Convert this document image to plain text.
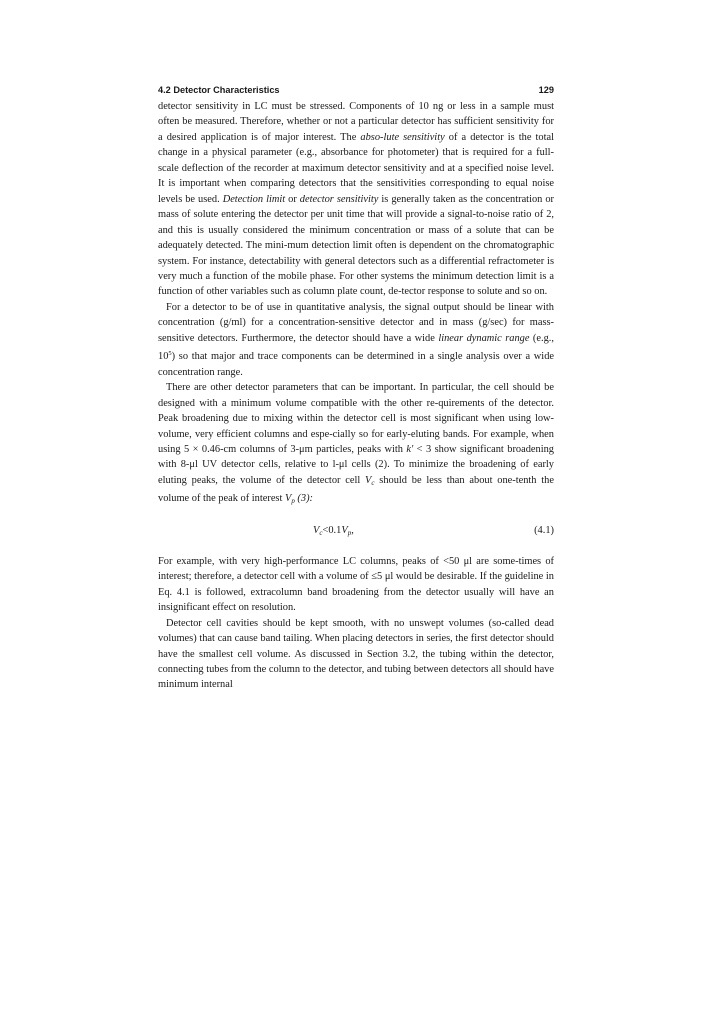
4.2 Detector Characteristics	129

detector sensitivity in LC must be stressed. Components of 10 ng or less in a sample must often be measured. Therefore, whether or not a particular detector has sufficient sensitivity for a desired application is of major interest. The abso-lute sensitivity of a detector is the total change in a physical parameter (e.g., absorbance for photometer) that is required for a full-scale deflection of the recorder at maximum detector sensitivity and at a specified noise level. It is important when comparing detectors that the sensitivities corresponding to equal noise levels be used. Detection limit or detector sensitivity is generally taken as the concentration or mass of solute entering the detector per unit time that will provide a signal-to-noise ratio of 2, and this is usually considered the minimum concentration or mass of a solute that can be adequately detected. The mini-mum detection limit often is dependent on the chromatographic system. For instance, detectability with general detectors such as a differential refractometer is very much a function of the mobile phase. For other systems the minimum detection limit is a function of other variables such as column plate count, de-tector response to solute and so on.

For a detector to be of use in quantitative analysis, the signal output should be linear with concentration (g/ml) for a concentration-sensitive detector and in mass (g/sec) for mass-sensitive detectors. Furthermore, the detector should have a wide linear dynamic range (e.g., $10^5$) so that major and trace components can be determined in a single analysis over a wide concentration range.

There are other detector parameters that can be important. In particular, the cell should be designed with a minimum volume compatible with the other re-quirements of the detector. Peak broadening due to mixing within the detector cell is most significant when using low-volume, very efficient columns and espe-cially so for early-eluting bands. For example, when using 5 × 0.46-cm columns of 3-μm particles, peaks with k' < 3 show significant broadening with 8-μl UV detector cells, relative to l-μl cells (2). To minimize the broadening of early eluting peaks, the volume of the detector cell Vc should be less than about one-tenth the volume of the peak of interest Vp (3):

$V_c<0.1V_p$,	(4.1)

For example, with very high-performance LC columns, peaks of <50 μl are some-times of interest; therefore, a detector cell with a volume of ≤5 μl would be desirable. If the guideline in Eq. 4.1 is followed, extracolumn band broadening from the detector usually will have an insignificant effect on resolution.

Detector cell cavities should be kept smooth, with no unswept volumes (so-called dead volumes) that can cause band tailing. When placing detectors in series, the first detector should have the smallest cell volume. As discussed in Section 3.2, the tubing within the detector, connecting tubes from the column to the detector, and tubing between detectors all should have minimum internal
